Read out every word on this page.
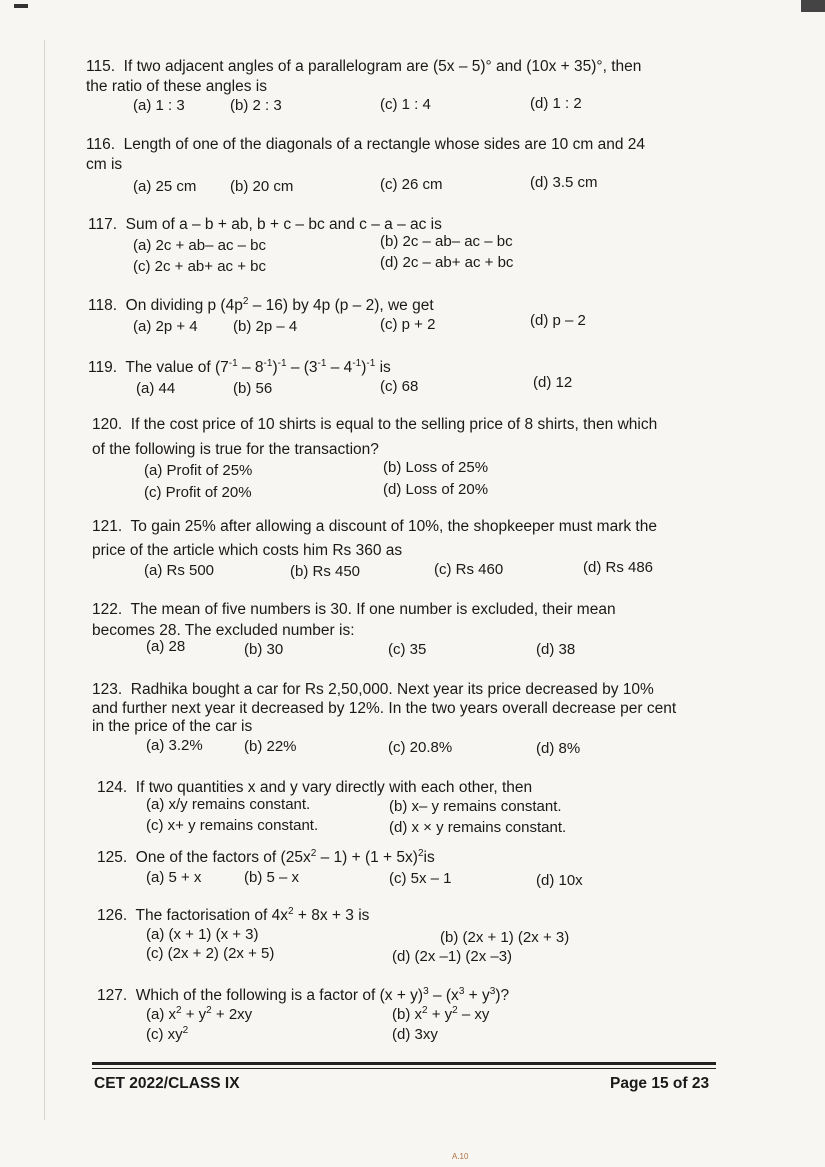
115. If two adjacent angles of a parallelogram are (5x – 5)° and (10x + 35)°, then
the ratio of these angles is
(a) 1 : 3	(b) 2 : 3	(c) 1 : 4	(d) 1 : 2
116. Length of one of the diagonals of a rectangle whose sides are 10 cm and 24
cm is
(a) 25 cm (b) 20 cm	(c) 26 cm	(d) 3.5 cm
117. Sum of a – b + ab, b + c – bc and c – a – ac is
(a) 2c + ab– ac – bc	(b) 2c – ab– ac – bc
(c) 2c + ab+ ac + bc	(d) 2c – ab+ ac + bc
118. On dividing p $(4p^2 - 16)$ by 4p (p – 2), we get
(a) 2p + 4 (b) 2p – 4	(c) p + 2	(d) p – 2
119. The value of $(7^{-1} - 8^{-1})^{-1} - (3^{-1} - 4^{-1})^{-1}$ is
(a) 44	(b) 56	(c) 68	(d) 12
120. If the cost price of 10 shirts is equal to the selling price of 8 shirts, then which
of the following is true for the transaction?
(a) Profit of 25%	(b) Loss of 25%
(c) Profit of 20%	(d) Loss of 20%
121. To gain 25% after allowing a discount of 10%, the shopkeeper must mark the
price of the article which costs him Rs 360 as
(a) Rs 500	(b) Rs 450	(c) Rs 460	(d) Rs 486
122. The mean of five numbers is 30. If one number is excluded, their mean
becomes 28. The excluded number is:
(a) 28	(b) 30	(c) 35	(d) 38
123. Radhika bought a car for Rs 2,50,000. Next year its price decreased by 10%
and further next year it decreased by 12%. In the two years overall decrease per cent
in the price of the car is
(a) 3.2%	(b) 22%	(c) 20.8%	(d) 8%
124. If two quantities x and y vary directly with each other, then
(a) x/y remains constant.	(b) x– y remains constant.
(c) x+ y remains constant.	(d) x × y remains constant.
125. One of the factors of $(25x^2 - 1) + (1 + 5x)^2is$
(a) 5 + x	(b) 5 – x	(c) 5x – 1	(d) 10x
126. The factorisation of $4x^2 + 8x + 3$ is
(a) (x + 1) (x + 3)	(b) (2x + 1) (2x + 3)
(c) (2x + 2) (2x + 5)	(d) (2x –1) (2x –3)
127. Which of the following is a factor of $(x + y)^3 - (x^3 + y^3)$?
(a) $x^2 + y^2 + 2xy$	(b) $x^2 + y^2$ – xy
(c) $xy^2$	(d) 3xy
CET 2022/CLASS IX	Page 15 of 23
A.10
